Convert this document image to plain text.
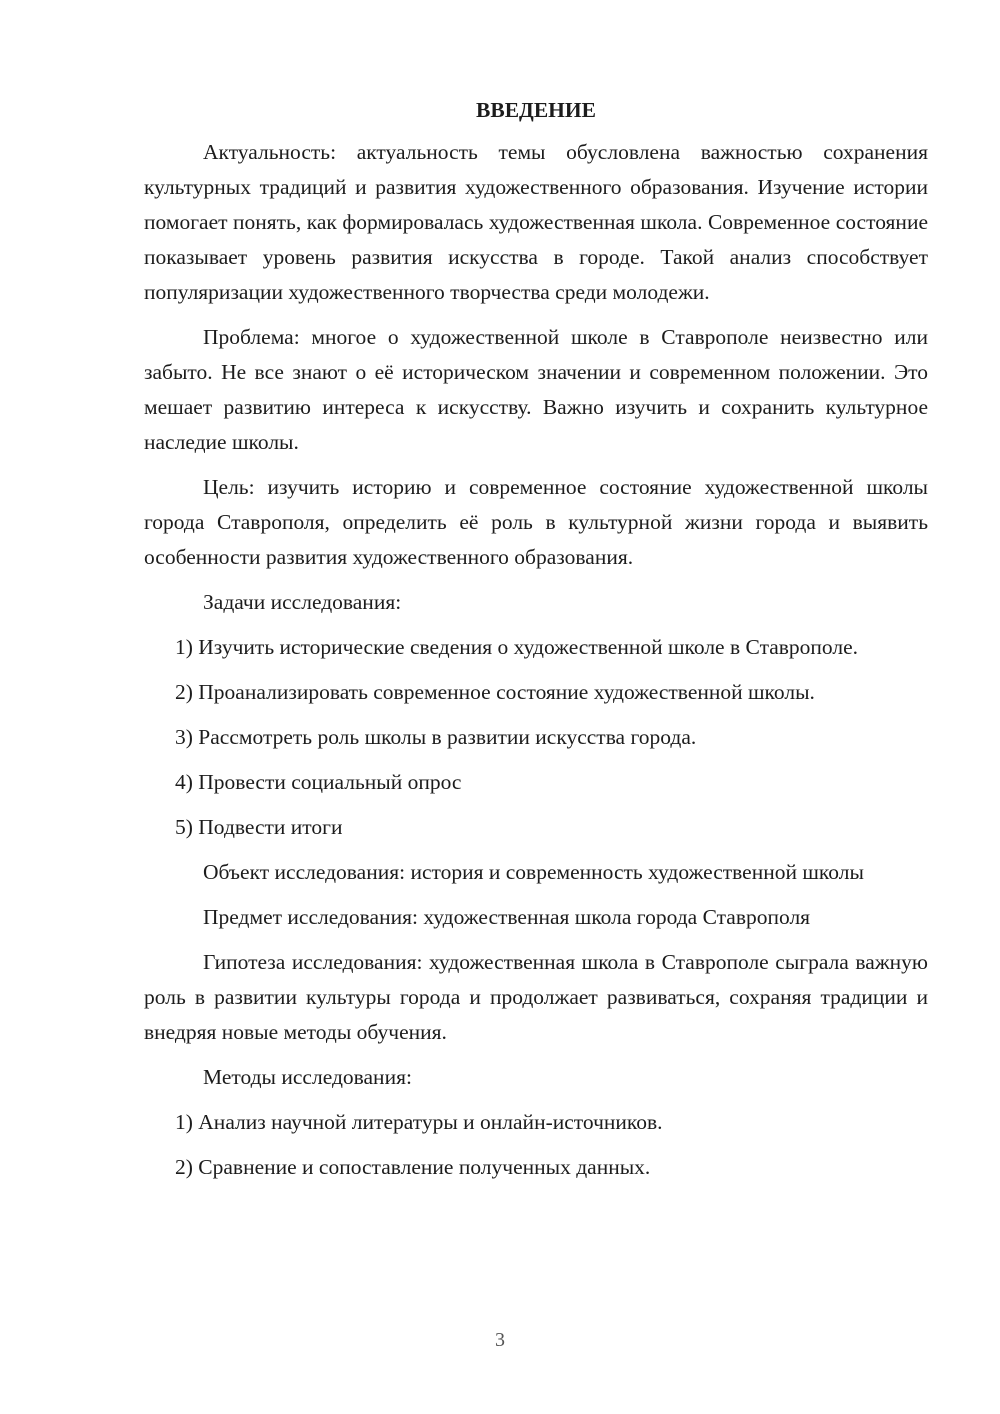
ВВЕДЕНИЕ

Актуальность: актуальность темы обусловлена важностью сохранения культурных традиций и развития художественного образования. Изучение истории помогает понять, как формировалась художественная школа. Современное состояние показывает уровень развития искусства в городе. Такой анализ способствует популяризации художественного творчества среди молодежи.

Проблема: многое о художественной школе в Ставрополе неизвестно или забыто. Не все знают о её историческом значении и современном положении. Это мешает развитию интереса к искусству. Важно изучить и сохранить культурное наследие школы.

Цель: изучить историю и современное состояние художественной школы города Ставрополя, определить её роль в культурной жизни города и выявить особенности развития художественного образования.

Задачи исследования:

1) Изучить исторические сведения о художественной школе в Ставрополе.

2) Проанализировать современное состояние художественной школы.

3) Рассмотреть роль школы в развитии искусства города.

4) Провести социальный опрос

5) Подвести итоги

Объект исследования: история и современность художественной школы

Предмет исследования: художественная школа города Ставрополя

Гипотеза исследования: художественная школа в Ставрополе сыграла важную роль в развитии культуры города и продолжает развиваться, сохраняя традиции и внедряя новые методы обучения.

Методы исследования:

1) Анализ научной литературы и онлайн-источников.

2) Сравнение и сопоставление полученных данных.

3
